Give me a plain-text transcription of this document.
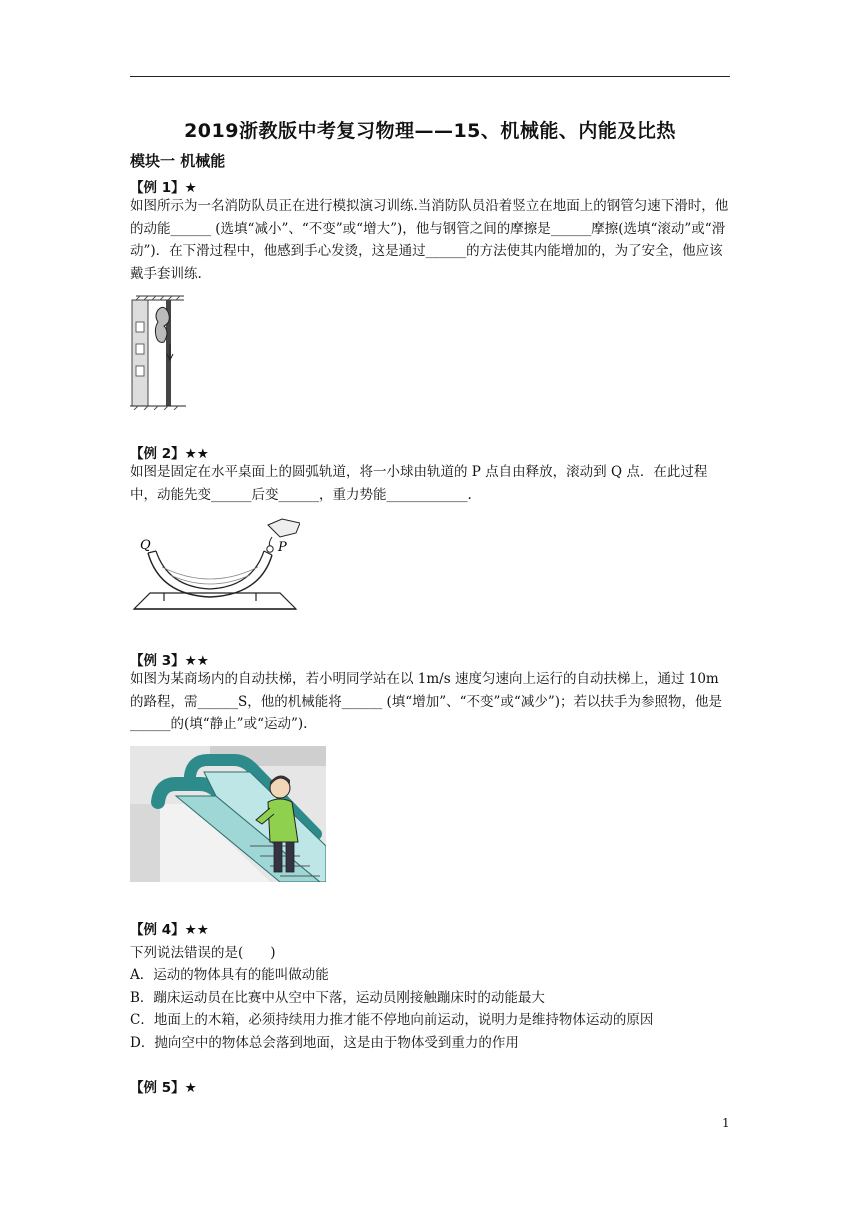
2019浙教版中考复习物理——15、机械能、内能及比热
模块一 机械能
【例 1】★
如图所示为一名消防队员正在进行模拟演习训练.当消防队员沿着竖立在地面上的钢管匀速下滑时，他的动能______ (选填“减小”、“不变”或“增大”)，他与钢管之间的摩擦是______摩擦(选填“滚动”或“滑动”)．在下滑过程中，他感到手心发烫，这是通过______的方法使其内能增加的，为了安全，他应该戴手套训练.
【例 2】★★
如图是固定在水平桌面上的圆弧轨道，将一小球由轨道的 P 点自由释放，滚动到 Q 点．在此过程中，动能先变______后变______，重力势能____________.
Q	P
【例 3】★★
如图为某商场内的自动扶梯，若小明同学站在以 1m/s 速度匀速向上运行的自动扶梯上，通过 10m 的路程，需______S，他的机械能将______ (填“增加”、“不变”或“减少”)；若以扶手为参照物，他是______的(填“静止”或“运动”).
【例 4】★★
下列说法错误的是(　　)
A．运动的物体具有的能叫做动能
B．蹦床运动员在比赛中从空中下落，运动员刚接触蹦床时的动能最大
C．地面上的木箱，必须持续用力推才能不停地向前运动，说明力是维持物体运动的原因
D．抛向空中的物体总会落到地面，这是由于物体受到重力的作用
【例 5】★
1
